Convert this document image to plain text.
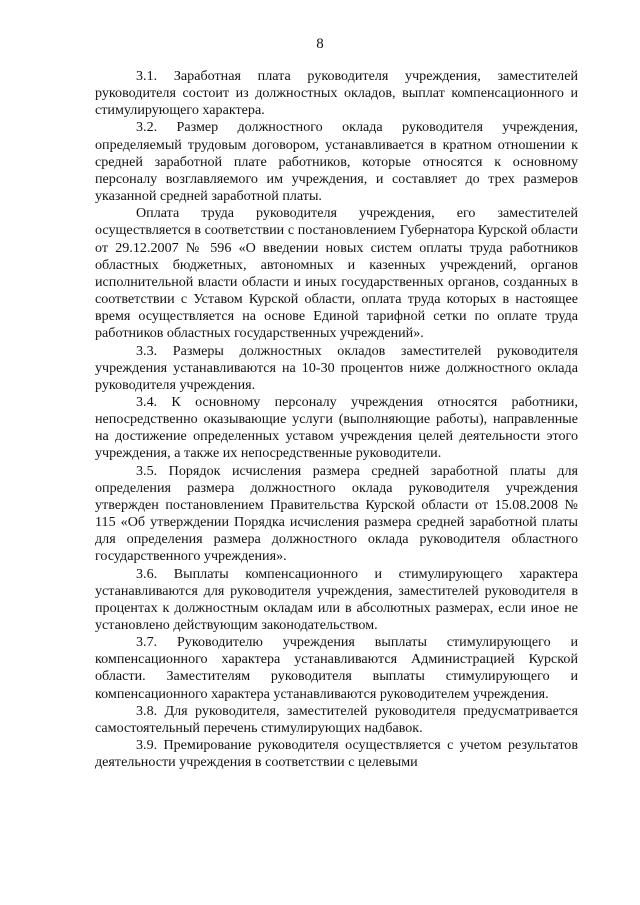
8

3.1. Заработная плата руководителя учреждения, заместителей руководителя состоит из должностных окладов, выплат компенсационного и стимулирующего характера.

3.2. Размер должностного оклада руководителя учреждения, определяемый трудовым договором, устанавливается в кратном отношении к средней заработной плате работников, которые относятся к основному персоналу возглавляемого им учреждения, и составляет до трех размеров указанной средней заработной платы.

Оплата труда руководителя учреждения, его заместителей осуществляется в соответствии с постановлением Губернатора Курской области от 29.12.2007 № 596 «О введении новых систем оплаты труда работников областных бюджетных, автономных и казенных учреждений, органов исполнительной власти области и иных государственных органов, созданных в соответствии с Уставом Курской области, оплата труда которых в настоящее время осуществляется на основе Единой тарифной сетки по оплате труда работников областных государственных учреждений».

3.3. Размеры должностных окладов заместителей руководителя учреждения устанавливаются на 10-30 процентов ниже должностного оклада руководителя учреждения.

3.4. К основному персоналу учреждения относятся работники, непосредственно оказывающие услуги (выполняющие работы), направленные на достижение определенных уставом учреждения целей деятельности этого учреждения, а также их непосредственные руководители.

3.5. Порядок исчисления размера средней заработной платы для определения размера должностного оклада руководителя учреждения утвержден постановлением Правительства Курской области от 15.08.2008 № 115 «Об утверждении Порядка исчисления размера средней заработной платы для определения размера должностного оклада руководителя областного государственного учреждения».

3.6. Выплаты компенсационного и стимулирующего характера устанавливаются для руководителя учреждения, заместителей руководителя в процентах к должностным окладам или в абсолютных размерах, если иное не установлено действующим законодательством.

3.7. Руководителю учреждения выплаты стимулирующего и компенсационного характера устанавливаются Администрацией Курской области. Заместителям руководителя выплаты стимулирующего и компенсационного характера устанавливаются руководителем учреждения.

3.8. Для руководителя, заместителей руководителя предусматривается самостоятельный перечень стимулирующих надбавок.

3.9. Премирование руководителя осуществляется с учетом результатов деятельности учреждения в соответствии с целевыми
